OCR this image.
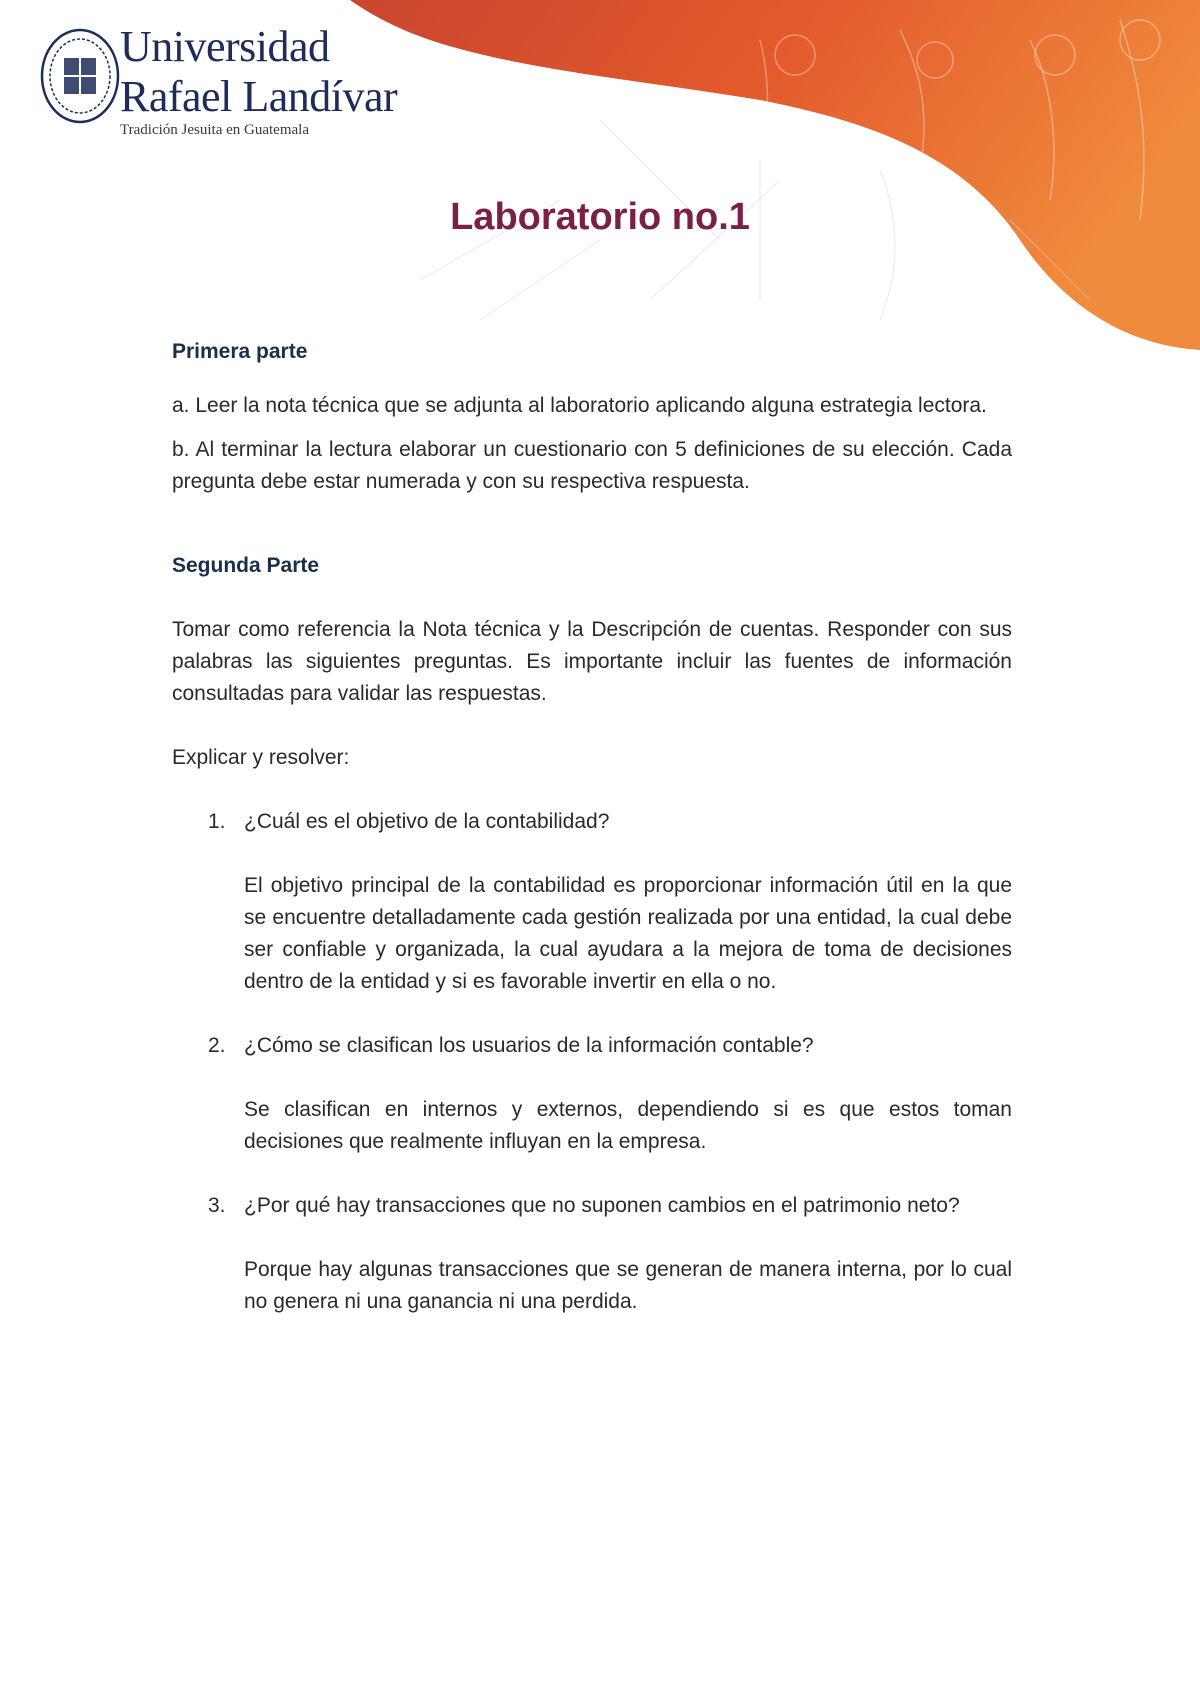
Universidad
Rafael Landívar
Tradición Jesuita en Guatemala
Laboratorio no.1

Primera parte

a. Leer la nota técnica que se adjunta al laboratorio aplicando alguna estrategia lectora.

b. Al terminar la lectura elaborar un cuestionario con 5 definiciones de su elección. Cada pregunta debe estar numerada y con su respectiva respuesta.

Segunda Parte

Tomar como referencia la Nota técnica y la Descripción de cuentas. Responder con sus palabras las siguientes preguntas. Es importante incluir las fuentes de información consultadas para validar las respuestas.

Explicar y resolver:

1. ¿Cuál es el objetivo de la contabilidad?

El objetivo principal de la contabilidad es proporcionar información útil en la que se encuentre detalladamente cada gestión realizada por una entidad, la cual debe ser confiable y organizada, la cual ayudara a la mejora de toma de decisiones dentro de la entidad y si es favorable invertir en ella o no.

2. ¿Cómo se clasifican los usuarios de la información contable?

Se clasifican en internos y externos, dependiendo si es que estos toman decisiones que realmente influyan en la empresa.

3. ¿Por qué hay transacciones que no suponen cambios en el patrimonio neto?

Porque hay algunas transacciones que se generan de manera interna, por lo cual no genera ni una ganancia ni una perdida.
